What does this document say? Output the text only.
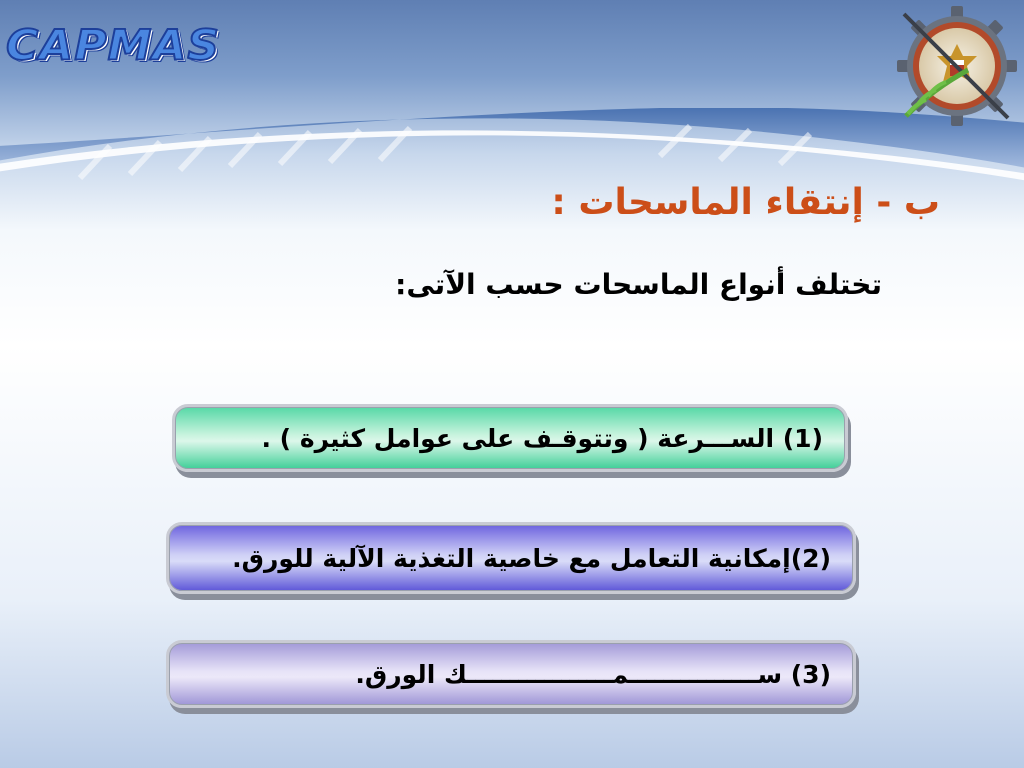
CAPMAS
ب - إنتقاء الماسحات :
تختلف أنواع الماسحات حسب الآتى:
(1) الســـرعة ( وتتوقـف على عوامل كثيرة ) .
(2)إمكانية التعامل مع خاصية التغذية الآلية للورق.
(3) ســـــــــــــــمـــــــــــــــــك الورق.
